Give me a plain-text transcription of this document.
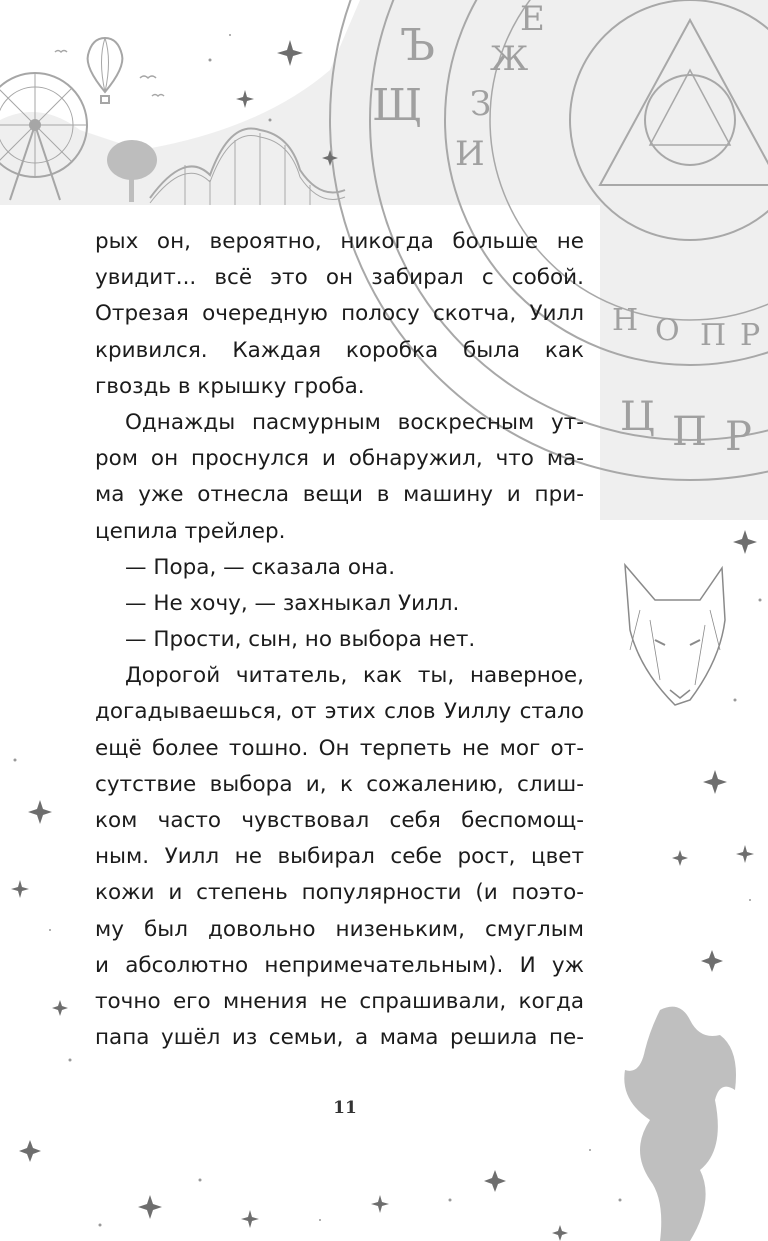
Щ
Ъ
И
З
Ж
Е
Н О П Р
Ц П Р
рых он, вероятно, никогда больше не
увидит... всё это он забирал с собой.
Отрезая очередную полосу скотча, Уилл
кривился. Каждая коробка была как
гвоздь в крышку гроба.
Однажды пасмурным воскресным ут-
ром он проснулся и обнаружил, что ма-
ма уже отнесла вещи в машину и при-
цепила трейлер.
— Пора, — сказала она.
— Не хочу, — захныкал Уилл.
— Прости, сын, но выбора нет.
Дорогой читатель, как ты, наверное,
догадываешься, от этих слов Уиллу стало
ещё более тошно. Он терпеть не мог от-
сутствие выбора и, к сожалению, слиш-
ком часто чувствовал себя беспомощ-
ным. Уилл не выбирал себе рост, цвет
кожи и степень популярности (и поэто-
му был довольно низеньким, смуглым
и абсолютно непримечательным). И уж
точно его мнения не спрашивали, когда
папа ушёл из семьи, а мама решила пе-
11
